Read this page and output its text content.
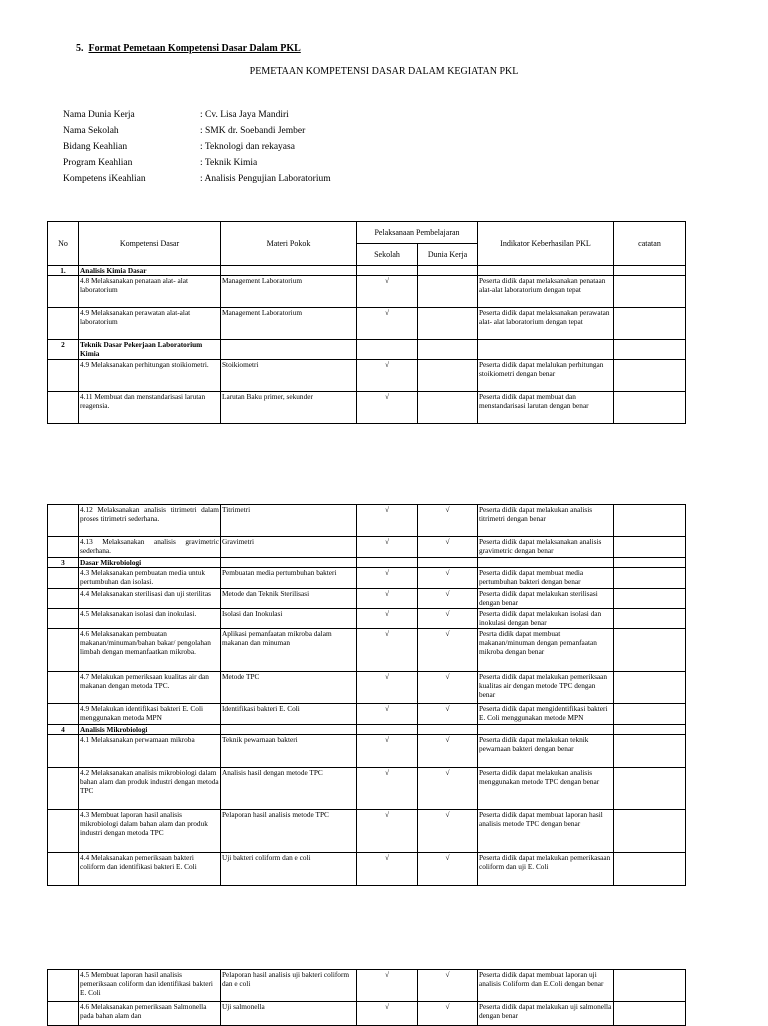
5. Format Pemetaan Kompetensi Dasar Dalam PKL
PEMETAAN KOMPETENSI DASAR DALAM KEGIATAN PKL
Nama Dunia Kerja	: Cv. Lisa Jaya Mandiri
Nama Sekolah	: SMK dr. Soebandi Jember
Bidang Keahlian	: Teknologi dan rekayasa
Program Keahlian	: Teknik Kimia
Kompetens iKeahlian	: Analisis Pengujian Laboratorium
No	Kompetensi Dasar	Materi Pokok	Pelaksanaan Pembelajaran		Indikator Keberhasilan PKL	catatan
			Sekolah	Dunia Kerja		
1.	Analisis Kimia Dasar					
	4.8 Melaksanakan penataan alat- alat laboratorium	Management Laboratorium	√		Peserta didik dapat melaksanakan penataan alat-alat laboratorium dengan tepat	
	4.9 Melaksanakan perawatan alat-alat laboratorium	Management Laboratorium	√		Peserta didik dapat melaksanakan perawatan alat- alat laboratorium dengan tepat	
2	Teknik Dasar Pekerjaan Laboratorium Kimia					
	4.9 Melaksanakan perhitungan stoikiometri.	Stoikiometri	√		Peserta didik dapat melalukan perhitungan stoikiometri dengan benar	
	4.11 Membuat dan menstandarisasi larutan reagensia.	Larutan Baku primer, sekunder	√		Peserta didik dapat membuat dan menstandarisasi larutan dengan benar	
	4.12 Melaksanakan analisis titrimetri dalam proses titrimetri sederhana.	Titrimetri	√	√	Peserta didik dapat melakukan analisis titrimetri dengan benar	
	4.13 Melaksanakan analisis gravimetric sederhana.	Gravimetri	√	√	Peserta didik dapat melaksanakan analisis gravimetric dengan benar	
3	Dasar Mikrobiologi					
	4.3 Melaksanakan pembuatan media untuk pertumbuhan dan isolasi.	Pembuatan media pertumbuhan bakteri	√	√	Peserta didik dapat membuat media pertumbuhan bakteri dengan benar	
	4.4 Melaksanakan sterilisasi dan uji sterilitas	Metode dan Teknik Sterilisasi	√	√	Peserta didik dapat melakukan sterilisasi dengan benar	
	4.5 Melaksanakan isolasi dan inokulasi.	Isolasi dan Inokulasi	√	√	Peserta didik dapat melakukan isolasi dan inokulasi dengan benar	
	4.6 Melaksanakan pembuatan makanan/minuman/bahan bakar/ pengolahan limbah dengan memanfaatkan mikroba.	Aplikasi pemanfaatan mikroba dalam makanan dan minuman	√	√	Pesrta didik dapat membuat makanan/minuman dengan pemanfaatan mikroba dengan benar	
	4.7 Melakukan pemeriksaan kualitas air dan makanan dengan metoda TPC.	Metode TPC	√	√	Peserta didik dapat melakukan pemeriksaan kualitas air dengan metode TPC dengan benar	
	4.9 Melakukan identifikasi bakteri E. Coli menggunakan metoda MPN	Identifikasi bakteri E. Coli	√	√	Peserta didik dapat mengidentifikasi bakteri E. Coli menggunakan metode MPN	
4	Analisis Mikrobiologi					
	4.1 Melaksanakan perwamaan mikroba	Teknik pewarnaan bakteri	√	√	Peserta didik dapat melakukan teknik pewarnaan bakteri dengan benar	
	4.2 Melaksanakan analisis mikrobiologi dalam bahan alam dan produk industri dengan metoda TPC	Analisis hasil dengan metode TPC	√	√	Peserta didik dapat melakukan analisis menggunakan metode TPC dengan benar	
	4.3 Membuat laporan hasil analisis mikrobiologi dalam bahan alam dan produk industri dengan metoda TPC	Pelaporan hasil analisis metode TPC	√	√	Peserta didik dapat membuat laporan hasil analisis metode TPC dengan benar	
	4.4 Melaksanakan pemeriksaan bakteri coliform dan identifikasi bakteri E. Coli	Uji bakteri coliform dan e coli	√	√	Peserta didik dapat melakukan pemerikasaan coliform dan uji E. Coli	
	4.5 Membuat laporan hasil analisis pemeriksaan coliform dan identifikasi bakteri E. Coli	Pelaporan hasil analisis uji bakteri coliform dan e coli	√	√	Peserta didik dapat membuat laporan uji analisis Coliform dan E.Coli dengan benar	
	4.6 Melaksanakan pemeriksaan Salmonella pada bahan alam dan	Uji salmonella	√	√	Peserta didik dapat melakukan uji salmonella dengan benar	
